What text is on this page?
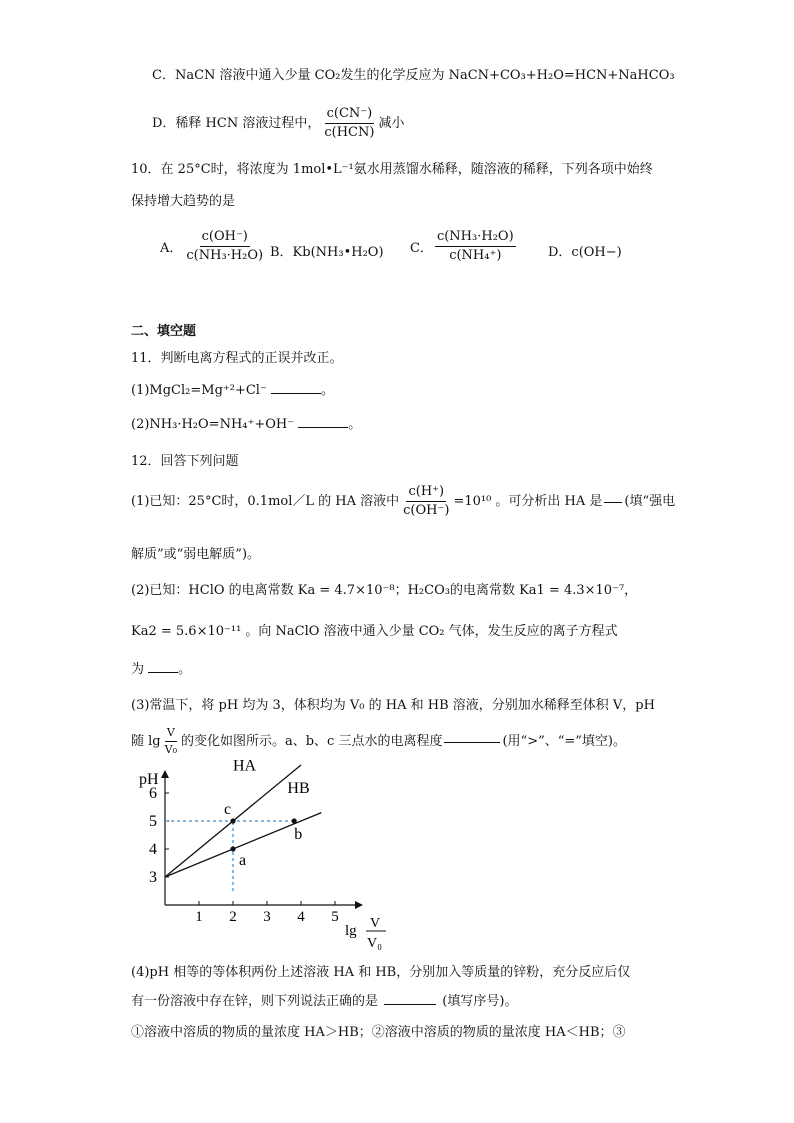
C．NaCN 溶液中通入少量 CO₂发生的化学反应为 NaCN+CO₃+H₂O=HCN+NaHCO₃
D．稀释 HCN 溶液过程中， $\frac{c(CN^-)}{\text{c(HCN)}}$ 减小
10．在 25°C时，将浓度为 1mol•L⁻¹氨水用蒸馏水稀释，随溶液的稀释，下列各项中始终
保持增大趋势的是
A． $\frac{c(OH^-)}{\text{c(NH₃·H₂O)}}$ B．Kb(NH₃•H₂O) C． $\frac{\text{c(NH₃·H₂O)}}{\text{c(NH₄⁺)}}$ D．c(OH−)
二、填空题
11．判断电离方程式的正误并改正。
(1)MgCl₂=Mg⁺²+Cl⁻	。
(2)NH₃·H₂O=NH₄⁺+OH⁻	。
12．回答下列问题
(1)已知：25°C时，0.1mol／L 的 HA 溶液中 $\frac{c(H^+)}{c(OH^-)} =10^{10}$ 。可分析出 HA 是 (填“强电
解质”或“弱电解质”)。
(2)已知：HClO 的电离常数 Ka = 4.7×10⁻⁸；H₂CO₃的电离常数 Ka1 = 4.3×10⁻⁷，
Ka2 = 5.6×10⁻¹¹ 。向 NaClO 溶液中通入少量 CO₂ 气体，发生反应的离子方程式
为	。
(3)常温下，将 pH 均为 3，体积均为 V₀ 的 HA 和 HB 溶液，分别加水稀释至体积 V，pH
随 $\lg \frac{V}{\text{V₀}}$ 的变化如图所示。a、b、c 三点水的电离程度	(用“>”、“=”填空)。
1 2 3 4 5
3
4
5
6
HA
HB
a
b
c
pH
lg V
V₀
(4)pH 相等的等体积两份上述溶液 HA 和 HB，分别加入等质量的锌粉，充分反应后仅
有一份溶液中存在锌，则下列说法正确的是	(填写序号)。
①溶液中溶质的物质的量浓度 HA＞HB；②溶液中溶质的物质的量浓度 HA＜HB；③
